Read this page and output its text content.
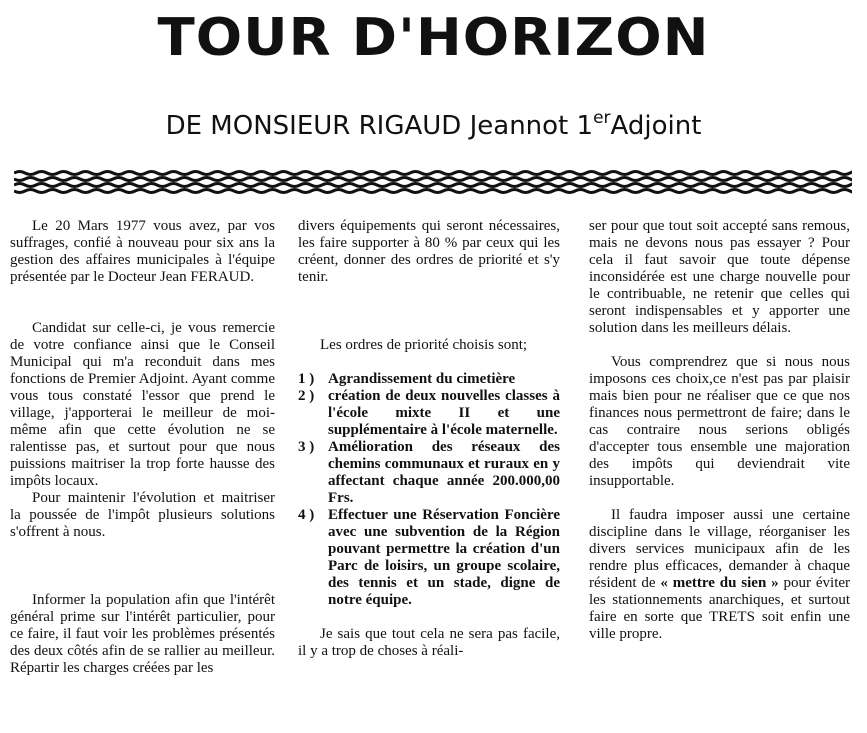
TOUR D'HORIZON
DE MONSIEUR RIGAUD Jeannot 1erAdjoint

Le 20 Mars 1977 vous avez, par vos suffrages, confié à nouveau pour six ans la gestion des affaires municipales à l'équipe présentée par le Docteur Jean FERAUD.

Candidat sur celle-ci, je vous remercie de votre confiance ainsi que le Conseil Municipal qui m'a reconduit dans mes fonctions de Premier Adjoint. Ayant comme vous tous constaté l'essor que prend le village, j'apporterai le meilleur de moi-même afin que cette évolution ne se ralentisse pas, et surtout pour que nous puissions maitriser la trop forte hausse des impôts locaux.

Pour maintenir l'évolution et maitriser la poussée de l'impôt plusieurs solutions s'offrent à nous.

Informer la population afin que l'intérêt général prime sur l'intérêt particulier, pour ce faire, il faut voir les problèmes présentés des deux côtés afin de se rallier au meilleur. Répartir les charges créées par les

divers équipements qui seront nécessaires, les faire supporter à 80 % par ceux qui les créent, donner des ordres de priorité et s'y tenir.

Les ordres de priorité choisis sont;

1 ) Agrandissement du cimetière
2 ) création de deux nouvelles classes à l'école mixte II et une supplémentaire à l'école maternelle.
3 ) Amélioration des réseaux des chemins communaux et ruraux en y affectant chaque année 200.000,00 Frs.
4 ) Effectuer une Réservation Foncière avec une subvention de la Région pouvant permettre la création d'un Parc de loisirs, un groupe scolaire, des tennis et un stade, digne de notre équipe.

Je sais que tout cela ne sera pas facile, il y a trop de choses à réali-

ser pour que tout soit accepté sans remous, mais ne devons nous pas essayer ? Pour cela il faut savoir que toute dépense inconsidérée est une charge nouvelle pour le contribuable, ne retenir que celles qui seront indispensables et y apporter une solution dans les meilleurs délais.

Vous comprendrez que si nous nous imposons ces choix,ce n'est pas par plaisir mais bien pour ne réaliser que ce que nos finances nous permettront de faire; dans le cas contraire nous serions obligés d'accepter tous ensemble une majoration des impôts qui deviendrait vite insupportable.

Il faudra imposer aussi une certaine discipline dans le village, réorganiser les divers services municipaux afin de les rendre plus efficaces, demander à chaque résident de « mettre du sien » pour éviter les stationnements anarchiques, et surtout faire en sorte que TRETS soit enfin une ville propre.
